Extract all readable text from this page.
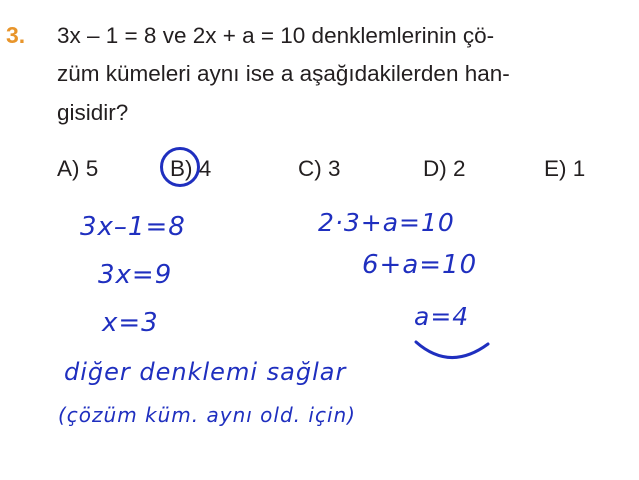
3. 3x – 1 = 8 ve 2x + a = 10 denklemlerinin çö-
züm kümeleri aynı ise a aşağıdakilerden han-
gisidir?
A) 5	B) 4	C) 3	D) 2	E) 1
3x–1=8
3x=9
x=3
2·3+a=10
6+a=10
a=4
diğer denklemi sağlar
(çözüm küm. aynı old. için)
